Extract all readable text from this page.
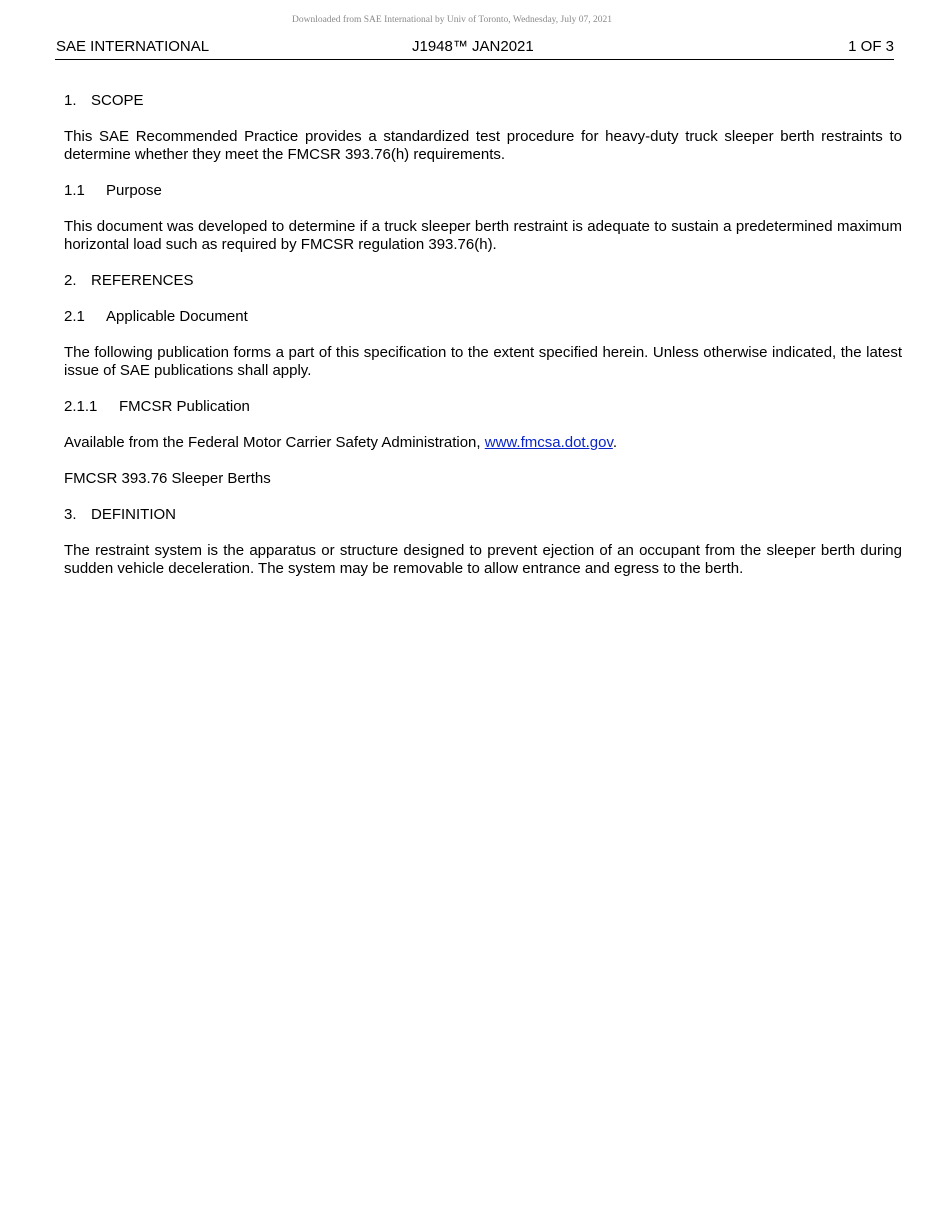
Downloaded from SAE International by Univ of Toronto, Wednesday, July 07, 2021
SAE INTERNATIONAL	J1948™ JAN2021	1 OF 3
1. SCOPE

This SAE Recommended Practice provides a standardized test procedure for heavy-duty truck sleeper berth restraints to determine whether they meet the FMCSR 393.76(h) requirements.

1.1 Purpose

This document was developed to determine if a truck sleeper berth restraint is adequate to sustain a predetermined maximum horizontal load such as required by FMCSR regulation 393.76(h).

2. REFERENCES
2.1 Applicable Document

The following publication forms a part of this specification to the extent specified herein. Unless otherwise indicated, the latest issue of SAE publications shall apply.

2.1.1 FMCSR Publication

Available from the Federal Motor Carrier Safety Administration, www.fmcsa.dot.gov.

FMCSR 393.76 Sleeper Berths

3. DEFINITION

The restraint system is the apparatus or structure designed to prevent ejection of an occupant from the sleeper berth during sudden vehicle deceleration. The system may be removable to allow entrance and egress to the berth.
